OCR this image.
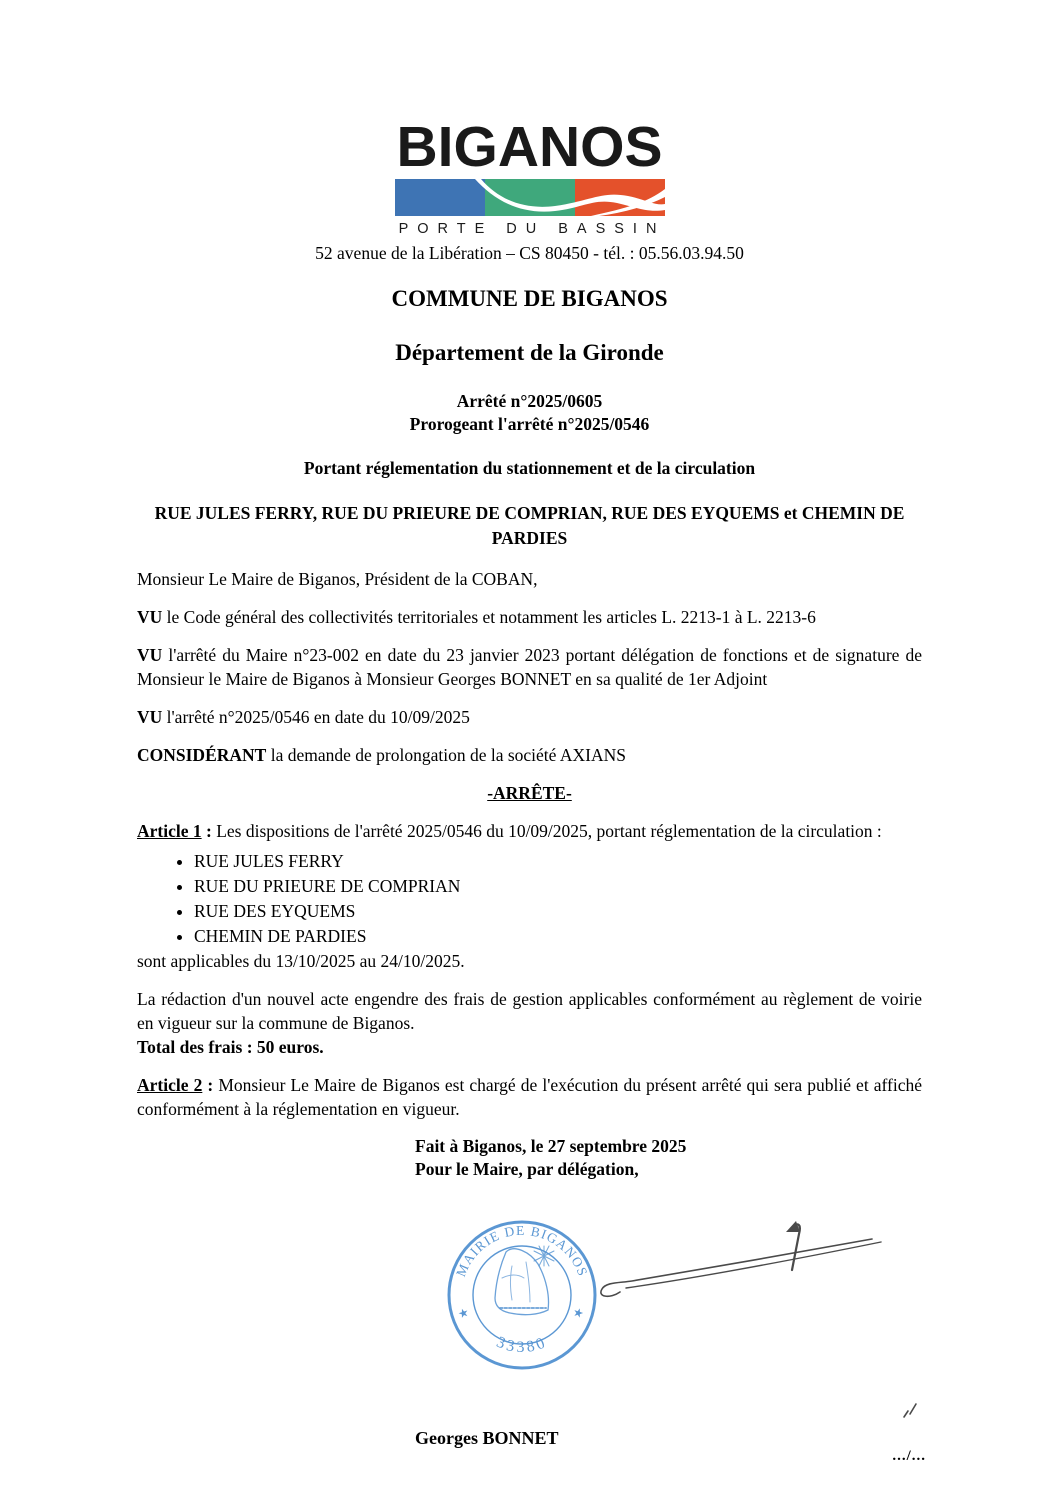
BIGANOS
PORTE DU BASSIN
52 avenue de la Libération – CS 80450 - tél. : 05.56.03.94.50
COMMUNE DE BIGANOS
Département de la Gironde
Arrêté n°2025/0605
Prorogeant l'arrêté n°2025/0546
Portant réglementation du stationnement et de la circulation
RUE JULES FERRY, RUE DU PRIEURE DE COMPRIAN, RUE DES EYQUEMS et CHEMIN DE PARDIES

Monsieur Le Maire de Biganos, Président de la COBAN,

VU le Code général des collectivités territoriales et notamment les articles L. 2213-1 à L. 2213-6

VU l'arrêté du Maire n°23-002 en date du 23 janvier 2023 portant délégation de fonctions et de signature de Monsieur le Maire de Biganos à Monsieur Georges BONNET en sa qualité de 1er Adjoint

VU l'arrêté n°2025/0546 en date du 10/09/2025

CONSIDÉRANT la demande de prolongation de la société AXIANS

-ARRÊTE-

Article 1 : Les dispositions de l'arrêté 2025/0546 du 10/09/2025, portant réglementation de la circulation :

• RUE JULES FERRY
• RUE DU PRIEURE DE COMPRIAN
• RUE DES EYQUEMS
• CHEMIN DE PARDIES

sont applicables du 13/10/2025 au 24/10/2025.

La rédaction d'un nouvel acte engendre des frais de gestion applicables conformément au règlement de voirie en vigueur sur la commune de Biganos.
Total des frais : 50 euros.

Article 2 : Monsieur Le Maire de Biganos est chargé de l'exécution du présent arrêté qui sera publié et affiché conformément à la réglementation en vigueur.

Fait à Biganos, le 27 septembre 2025
Pour le Maire, par délégation,
MAIRIE DE BIGANOS
33380
★	★
Georges BONNET
.../...
